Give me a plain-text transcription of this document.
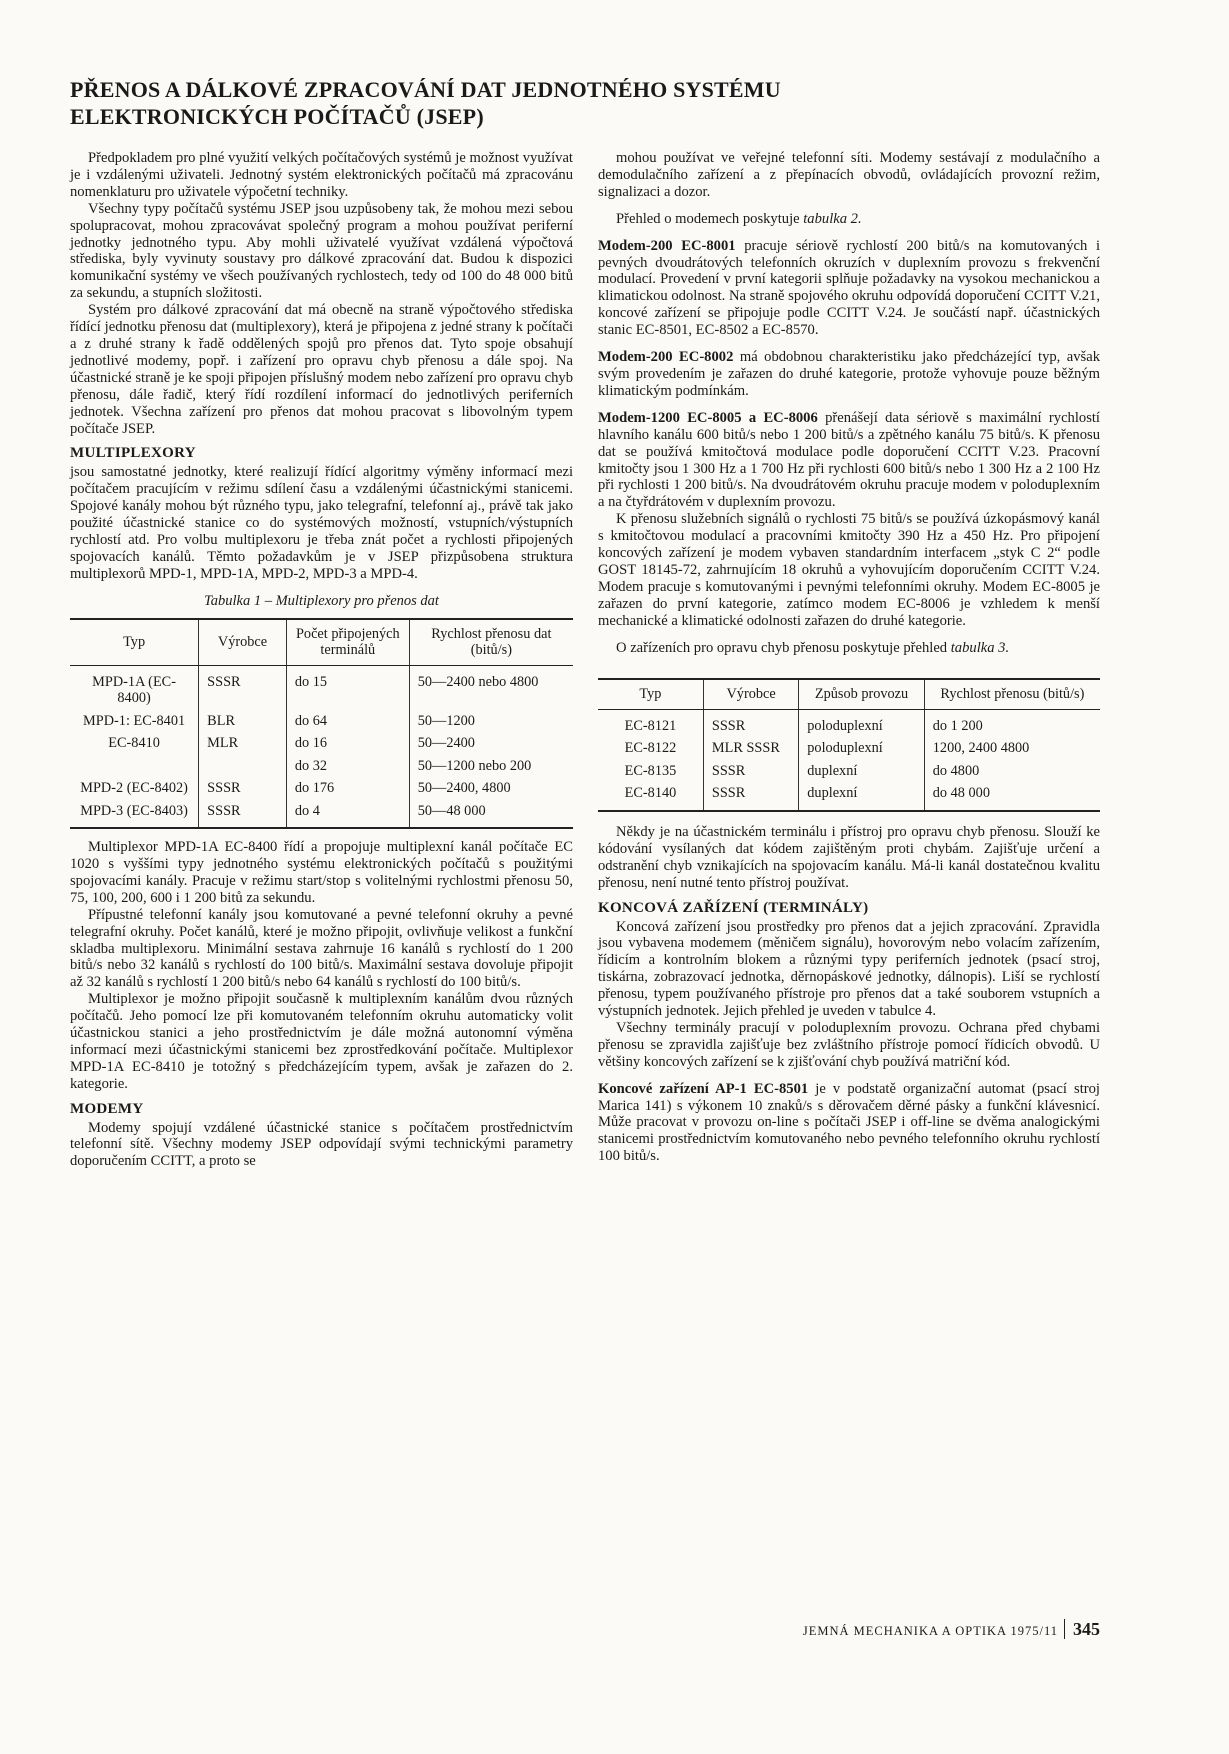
PŘENOS A DÁLKOVÉ ZPRACOVÁNÍ DAT JEDNOTNÉHO SYSTÉMU
ELEKTRONICKÝCH POČÍTAČŮ (JSEP)

Předpokladem pro plné využití velkých počítačových systémů je možnost využívat je i vzdálenými uživateli. Jednotný systém elektronických počítačů má zpracovánu nomenklaturu pro uživatele výpočetní techniky.

Všechny typy počítačů systému JSEP jsou uzpůsobeny tak, že mohou mezi sebou spolupracovat, mohou zpracovávat společný program a mohou používat periferní jednotky jednotného typu. Aby mohli uživatelé využívat vzdálená výpočtová střediska, byly vyvinuty soustavy pro dálkové zpracování dat. Budou k dispozici komunikační systémy ve všech používaných rychlostech, tedy od 100 do 48 000 bitů za sekundu, a stupních složitosti.

Systém pro dálkové zpracování dat má obecně na straně výpočtového střediska řídící jednotku přenosu dat (multiplexory), která je připojena z jedné strany k počítači a z druhé strany k řadě oddělených spojů pro přenos dat. Tyto spoje obsahují jednotlivé modemy, popř. i zařízení pro opravu chyb přenosu a dále spoj. Na účastnické straně je ke spoji připojen příslušný modem nebo zařízení pro opravu chyb přenosu, dále řadič, který řídí rozdílení informací do jednotlivých periferních jednotek. Všechna zařízení pro přenos dat mohou pracovat s libovolným typem počítače JSEP.

MULTIPLEXORY

jsou samostatné jednotky, které realizují řídící algoritmy výměny informací mezi počítačem pracujícím v režimu sdílení času a vzdálenými účastnickými stanicemi. Spojové kanály mohou být různého typu, jako telegrafní, telefonní aj., právě tak jako použité účastnické stanice co do systémových možností, vstupních/výstupních rychlostí atd. Pro volbu multiplexoru je třeba znát počet a rychlosti připojených spojovacích kanálů. Těmto požadavkům je v JSEP přizpůsobena struktura multiplexorů MPD-1, MPD-1A, MPD-2, MPD-3 a MPD-4.

Tabulka 1 – Multiplexory pro přenos dat
Typ	Výrobce	Počet připojených terminálů	Rychlost přenosu dat (bitů/s)
MPD-1A (EC-8400)	SSSR	do 15	50—2400 nebo 4800
MPD-1: EC-8401	BLR	do 64	50—1200
EC-8410	MLR	do 16	50—2400
		do 32	50—1200 nebo 200
MPD-2 (EC-8402)	SSSR	do 176	50—2400, 4800
MPD-3 (EC-8403)	SSSR	do 4	50—48 000

Multiplexor MPD-1A EC-8400 řídí a propojuje multiplexní kanál počítače EC 1020 s vyššími typy jednotného systému elektronických počítačů s použitými spojovacími kanály. Pracuje v režimu start/stop s volitelnými rychlostmi přenosu 50, 75, 100, 200, 600 i 1 200 bitů za sekundu.

Přípustné telefonní kanály jsou komutované a pevné telefonní okruhy a pevné telegrafní okruhy. Počet kanálů, které je možno připojit, ovlivňuje velikost a funkční skladba multiplexoru. Minimální sestava zahrnuje 16 kanálů s rychlostí do 1 200 bitů/s nebo 32 kanálů s rychlostí do 100 bitů/s. Maximální sestava dovoluje připojit až 32 kanálů s rychlostí 1 200 bitů/s nebo 64 kanálů s rychlostí do 100 bitů/s.

Multiplexor je možno připojit současně k multiplexním kanálům dvou různých počítačů. Jeho pomocí lze při komutovaném telefonním okruhu automaticky volit účastnickou stanici a jeho prostřednictvím je dále možná autonomní výměna informací mezi účastnickými stanicemi bez zprostředkování počítače. Multiplexor MPD-1A EC-8410 je totožný s předcházejícím typem, avšak je zařazen do 2. kategorie.

MODEMY

Modemy spojují vzdálené účastnické stanice s počítačem prostřednictvím telefonní sítě. Všechny modemy JSEP odpovídají svými technickými parametry doporučením CCITT, a proto se

mohou používat ve veřejné telefonní síti. Modemy sestávají z modulačního a demodulačního zařízení a z přepínacích obvodů, ovládajících provozní režim, signalizaci a dozor.

Přehled o modemech poskytuje tabulka 2.

Modem-200 EC-8001 pracuje sériově rychlostí 200 bitů/s na komutovaných i pevných dvoudrátových telefonních okruzích v duplexním provozu s frekvenční modulací. Provedení v první kategorii splňuje požadavky na vysokou mechanickou a klimatickou odolnost. Na straně spojového okruhu odpovídá doporučení CCITT V.21, koncové zařízení se připojuje podle CCITT V.24. Je součástí např. účastnických stanic EC-8501, EC-8502 a EC-8570.

Modem-200 EC-8002 má obdobnou charakteristiku jako předcházející typ, avšak svým provedením je zařazen do druhé kategorie, protože vyhovuje pouze běžným klimatickým podmínkám.

Modem-1200 EC-8005 a EC-8006 přenášejí data sériově s maximální rychlostí hlavního kanálu 600 bitů/s nebo 1 200 bitů/s a zpětného kanálu 75 bitů/s. K přenosu dat se používá kmitočtová modulace podle doporučení CCITT V.23. Pracovní kmitočty jsou 1 300 Hz a 1 700 Hz při rychlosti 600 bitů/s nebo 1 300 Hz a 2 100 Hz při rychlosti 1 200 bitů/s. Na dvoudrátovém okruhu pracuje modem v poloduplexním a na čtyřdrátovém v duplexním provozu.

K přenosu služebních signálů o rychlosti 75 bitů/s se používá úzkopásmový kanál s kmitočtovou modulací a pracovními kmitočty 390 Hz a 450 Hz. Pro připojení koncových zařízení je modem vybaven standardním interfacem „styk C 2“ podle GOST 18145-72, zahrnujícím 18 okruhů a vyhovujícím doporučením CCITT V.24. Modem pracuje s komutovanými i pevnými telefonními okruhy. Modem EC-8005 je zařazen do první kategorie, zatímco modem EC-8006 je vzhledem k menší mechanické a klimatické odolnosti zařazen do druhé kategorie.

O zařízeních pro opravu chyb přenosu poskytuje přehled tabulka 3.

Typ	Výrobce	Způsob provozu	Rychlost přenosu (bitů/s)
EC-8121	SSSR	poloduplexní	do 1 200
EC-8122	MLR SSSR	poloduplexní	1200, 2400 4800
EC-8135	SSSR	duplexní	do 4800
EC-8140	SSSR	duplexní	do 48 000

Někdy je na účastnickém terminálu i přístroj pro opravu chyb přenosu. Slouží ke kódování vysílaných dat kódem zajištěným proti chybám. Zajišťuje určení a odstranění chyb vznikajících na spojovacím kanálu. Má-li kanál dostatečnou kvalitu přenosu, není nutné tento přístroj používat.

KONCOVÁ ZAŘÍZENÍ (TERMINÁLY)

Koncová zařízení jsou prostředky pro přenos dat a jejich zpracování. Zpravidla jsou vybavena modemem (měničem signálu), hovorovým nebo volacím zařízením, řídicím a kontrolním blokem a různými typy periferních jednotek (psací stroj, tiskárna, zobrazovací jednotka, děrnopáskové jednotky, dálnopis). Liší se rychlostí přenosu, typem používaného přístroje pro přenos dat a také souborem vstupních a výstupních jednotek. Jejich přehled je uveden v tabulce 4.

Všechny terminály pracují v poloduplexním provozu. Ochrana před chybami přenosu se zpravidla zajišťuje bez zvláštního přístroje pomocí řídicích obvodů. U většiny koncových zařízení se k zjišťování chyb používá matriční kód.

Koncové zařízení AP-1 EC-8501 je v podstatě organizační automat (psací stroj Marica 141) s výkonem 10 znaků/s s děrovačem děrné pásky a funkční klávesnicí. Může pracovat v provozu on-line s počítači JSEP i off-line se dvěma analogickými stanicemi prostřednictvím komutovaného nebo pevného telefonního okruhu rychlostí 100 bitů/s.

JEMNÁ MECHANIKA A OPTIKA 1975/11 345
